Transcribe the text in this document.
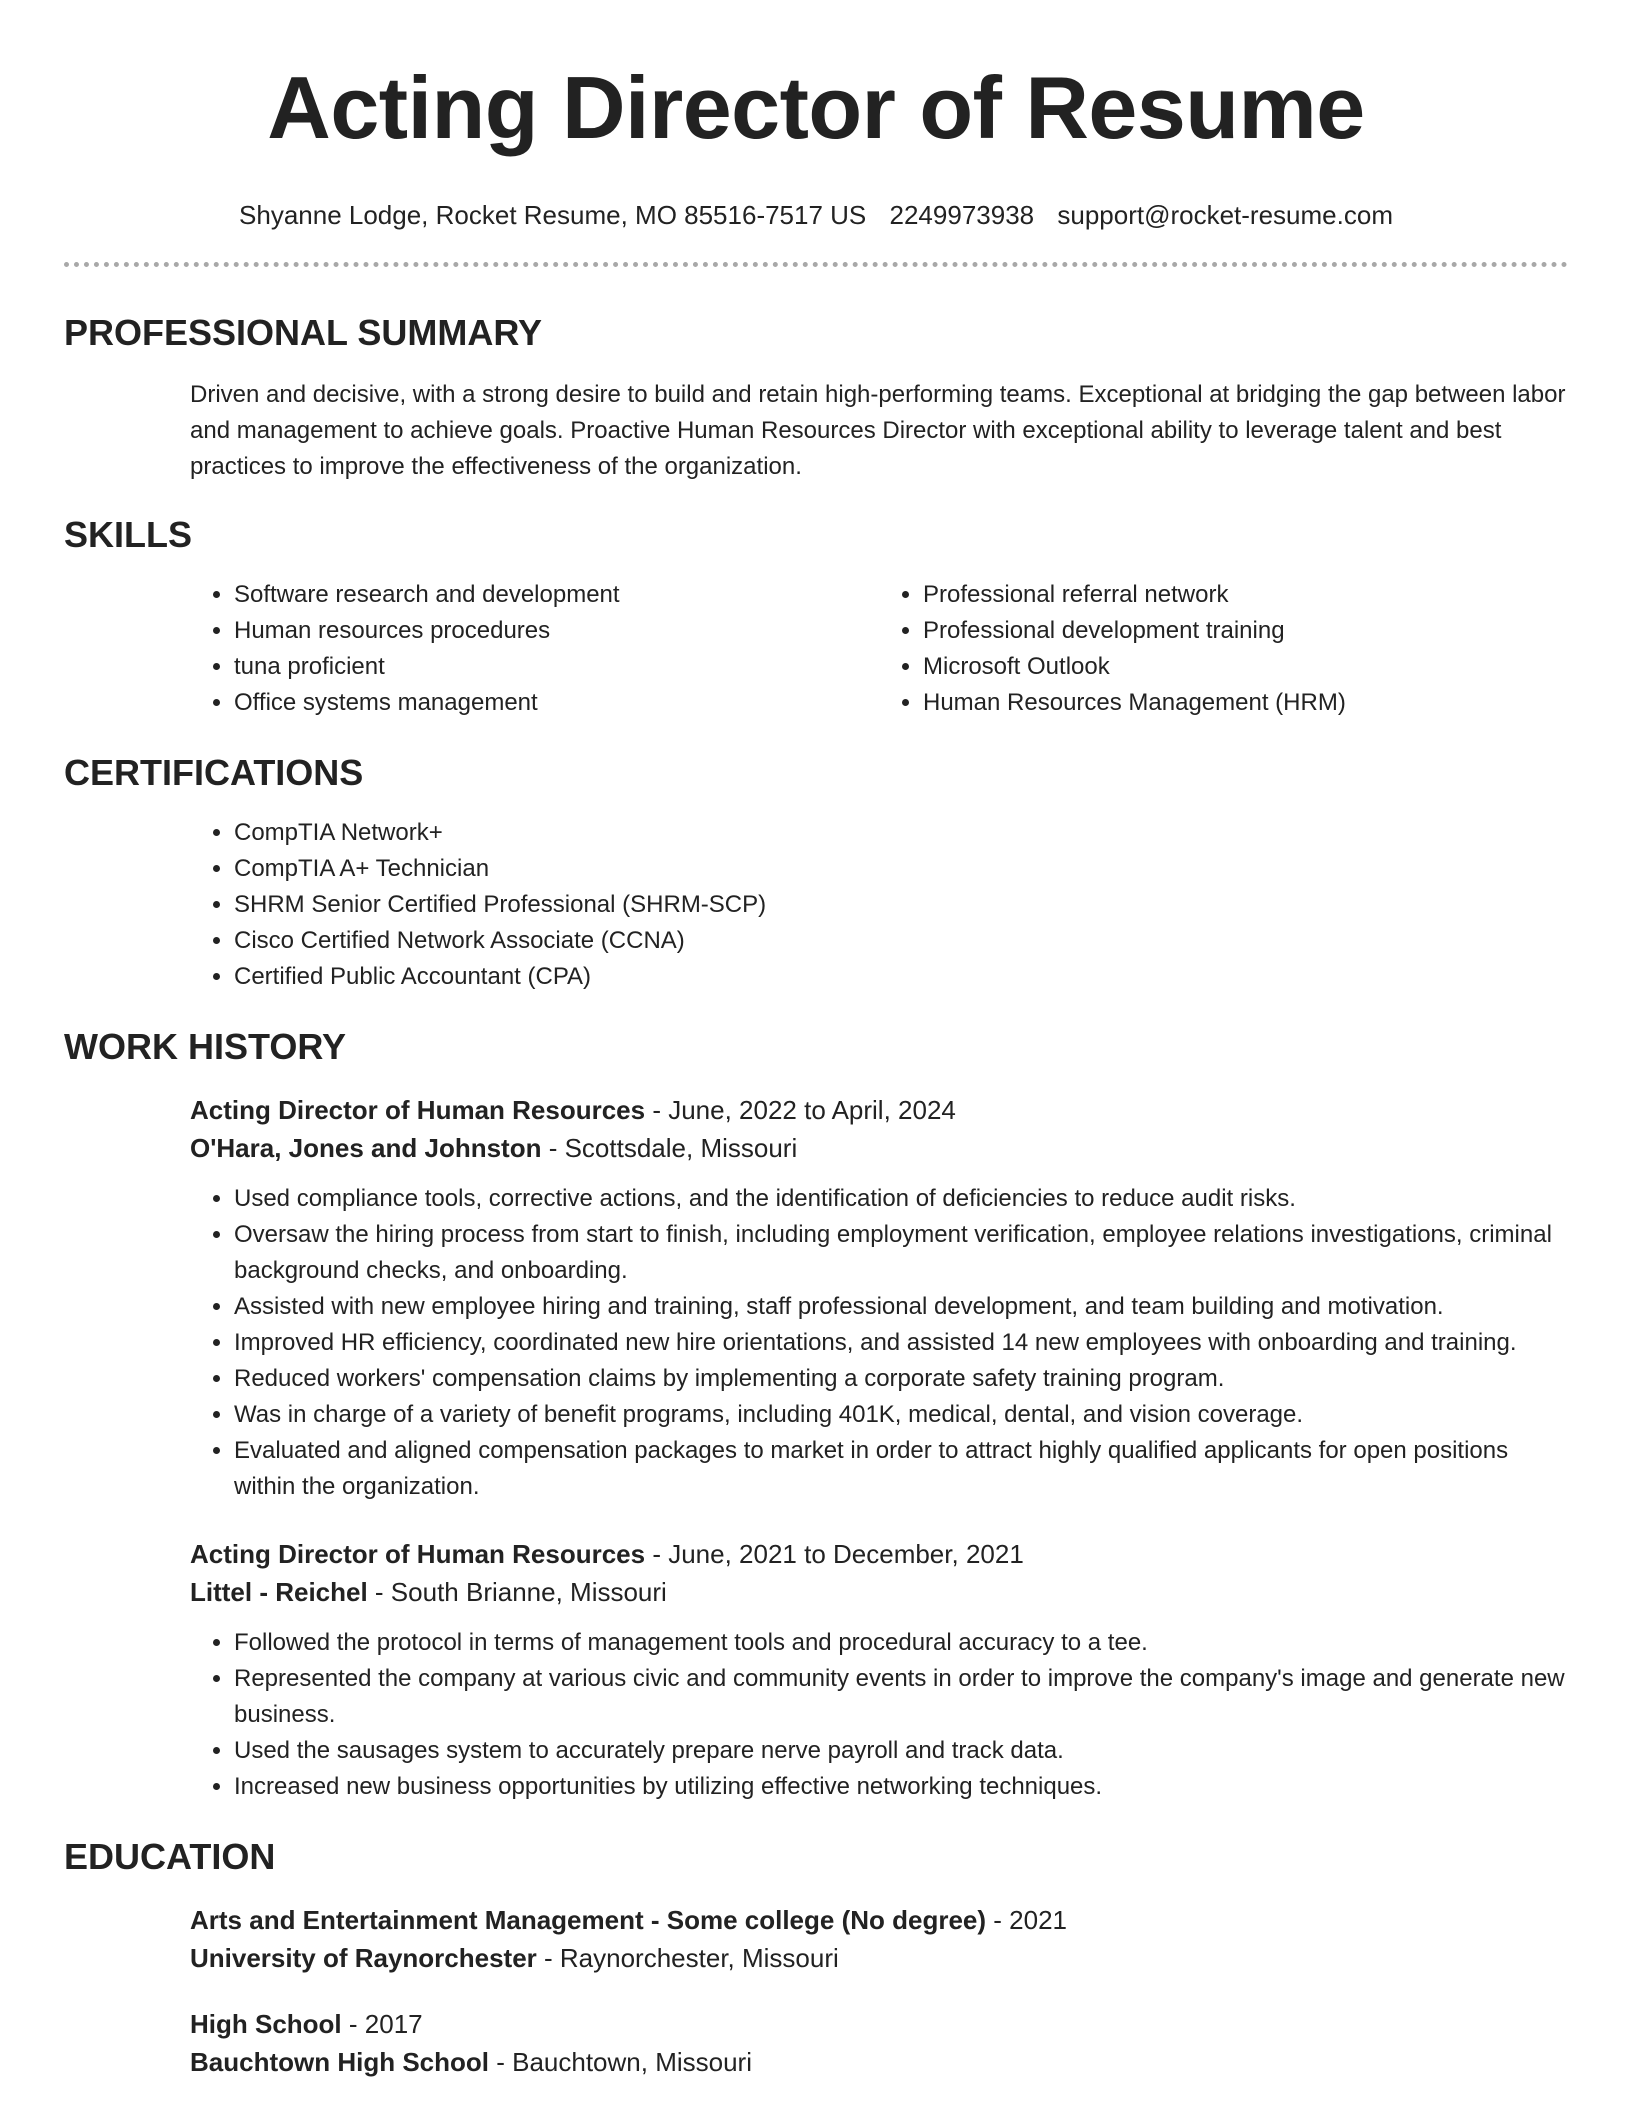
Acting Director of Resume
Shyanne Lodge, Rocket Resume, MO 85516-7517 US 2249973938 support@rocket-resume.com
PROFESSIONAL SUMMARY
Driven and decisive, with a strong desire to build and retain high-performing teams. Exceptional at bridging the gap between labor and management to achieve goals. Proactive Human Resources Director with exceptional ability to leverage talent and best practices to improve the effectiveness of the organization.
SKILLS
• Software research and development
• Human resources procedures
• tuna proficient
• Office systems management
• Professional referral network
• Professional development training
• Microsoft Outlook
• Human Resources Management (HRM)
CERTIFICATIONS
• CompTIA Network+
• CompTIA A+ Technician
• SHRM Senior Certified Professional (SHRM-SCP)
• Cisco Certified Network Associate (CCNA)
• Certified Public Accountant (CPA)
WORK HISTORY
Acting Director of Human Resources - June, 2022 to April, 2024
O'Hara, Jones and Johnston - Scottsdale, Missouri
• Used compliance tools, corrective actions, and the identification of deficiencies to reduce audit risks.
• Oversaw the hiring process from start to finish, including employment verification, employee relations investigations, criminal background checks, and onboarding.
• Assisted with new employee hiring and training, staff professional development, and team building and motivation.
• Improved HR efficiency, coordinated new hire orientations, and assisted 14 new employees with onboarding and training.
• Reduced workers' compensation claims by implementing a corporate safety training program.
• Was in charge of a variety of benefit programs, including 401K, medical, dental, and vision coverage.
• Evaluated and aligned compensation packages to market in order to attract highly qualified applicants for open positions within the organization.
Acting Director of Human Resources - June, 2021 to December, 2021
Littel - Reichel - South Brianne, Missouri
• Followed the protocol in terms of management tools and procedural accuracy to a tee.
• Represented the company at various civic and community events in order to improve the company's image and generate new business.
• Used the sausages system to accurately prepare nerve payroll and track data.
• Increased new business opportunities by utilizing effective networking techniques.
EDUCATION
Arts and Entertainment Management - Some college (No degree) - 2021
University of Raynorchester - Raynorchester, Missouri
High School - 2017
Bauchtown High School - Bauchtown, Missouri
